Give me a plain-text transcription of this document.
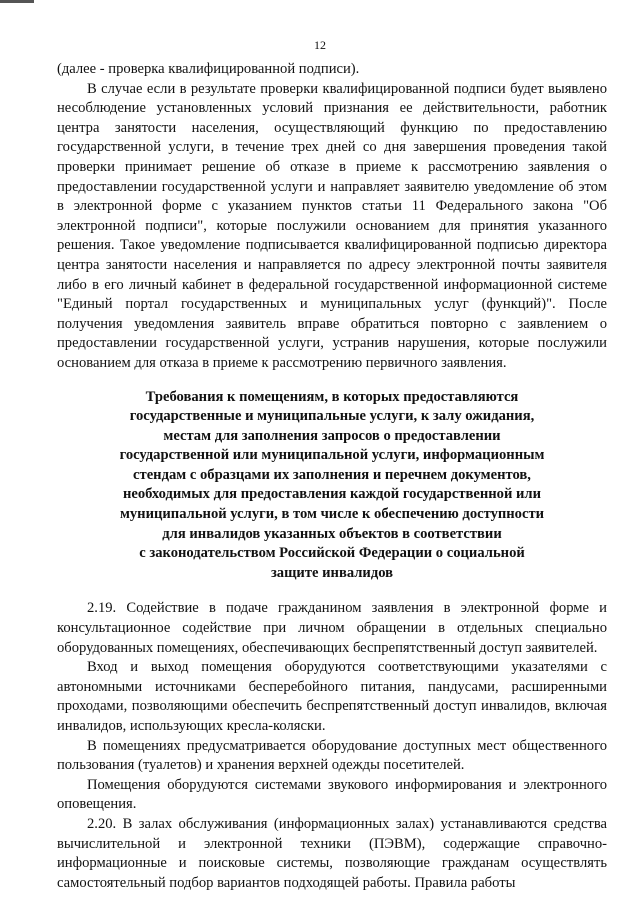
12

(далее - проверка квалифицированной подписи).

В случае если в результате проверки квалифицированной подписи будет выявлено несоблюдение установленных условий признания ее действительности, работник центра занятости населения, осуществляющий функцию по предоставлению государственной услуги, в течение трех дней со дня завершения проведения такой проверки принимает решение об отказе в приеме к рассмотрению заявления о предоставлении государственной услуги и направляет заявителю уведомление об этом в электронной форме с указанием пунктов статьи 11 Федерального закона "Об электронной подписи", которые послужили основанием для принятия указанного решения. Такое уведомление подписывается квалифицированной подписью директора центра занятости населения и направляется по адресу электронной почты заявителя либо в его личный кабинет в федеральной государственной информационной системе "Единый портал государственных и муниципальных услуг (функций)". После получения уведомления заявитель вправе обратиться повторно с заявлением о предоставлении государственной услуги, устранив нарушения, которые послужили основанием для отказа в приеме к рассмотрению первичного заявления.

Требования к помещениям, в которых предоставляются
государственные и муниципальные услуги, к залу ожидания,
местам для заполнения запросов о предоставлении
государственной или муниципальной услуги, информационным
стендам с образцами их заполнения и перечнем документов,
необходимых для предоставления каждой государственной или
муниципальной услуги, в том числе к обеспечению доступности
для инвалидов указанных объектов в соответствии
с законодательством Российской Федерации о социальной
защите инвалидов

2.19. Содействие в подаче гражданином заявления в электронной форме и консультационное содействие при личном обращении в отдельных специально оборудованных помещениях, обеспечивающих беспрепятственный доступ заявителей.

Вход и выход помещения оборудуются соответствующими указателями с автономными источниками бесперебойного питания, пандусами, расширенными проходами, позволяющими обеспечить беспрепятственный доступ инвалидов, включая инвалидов, использующих кресла-коляски.

В помещениях предусматривается оборудование доступных мест общественного пользования (туалетов) и хранения верхней одежды посетителей.

Помещения оборудуются системами звукового информирования и электронного оповещения.

2.20. В залах обслуживания (информационных залах) устанавливаются средства вычислительной и электронной техники (ПЭВМ), содержащие справочно-информационные и поисковые системы, позволяющие гражданам осуществлять самостоятельный подбор вариантов подходящей работы. Правила работы
